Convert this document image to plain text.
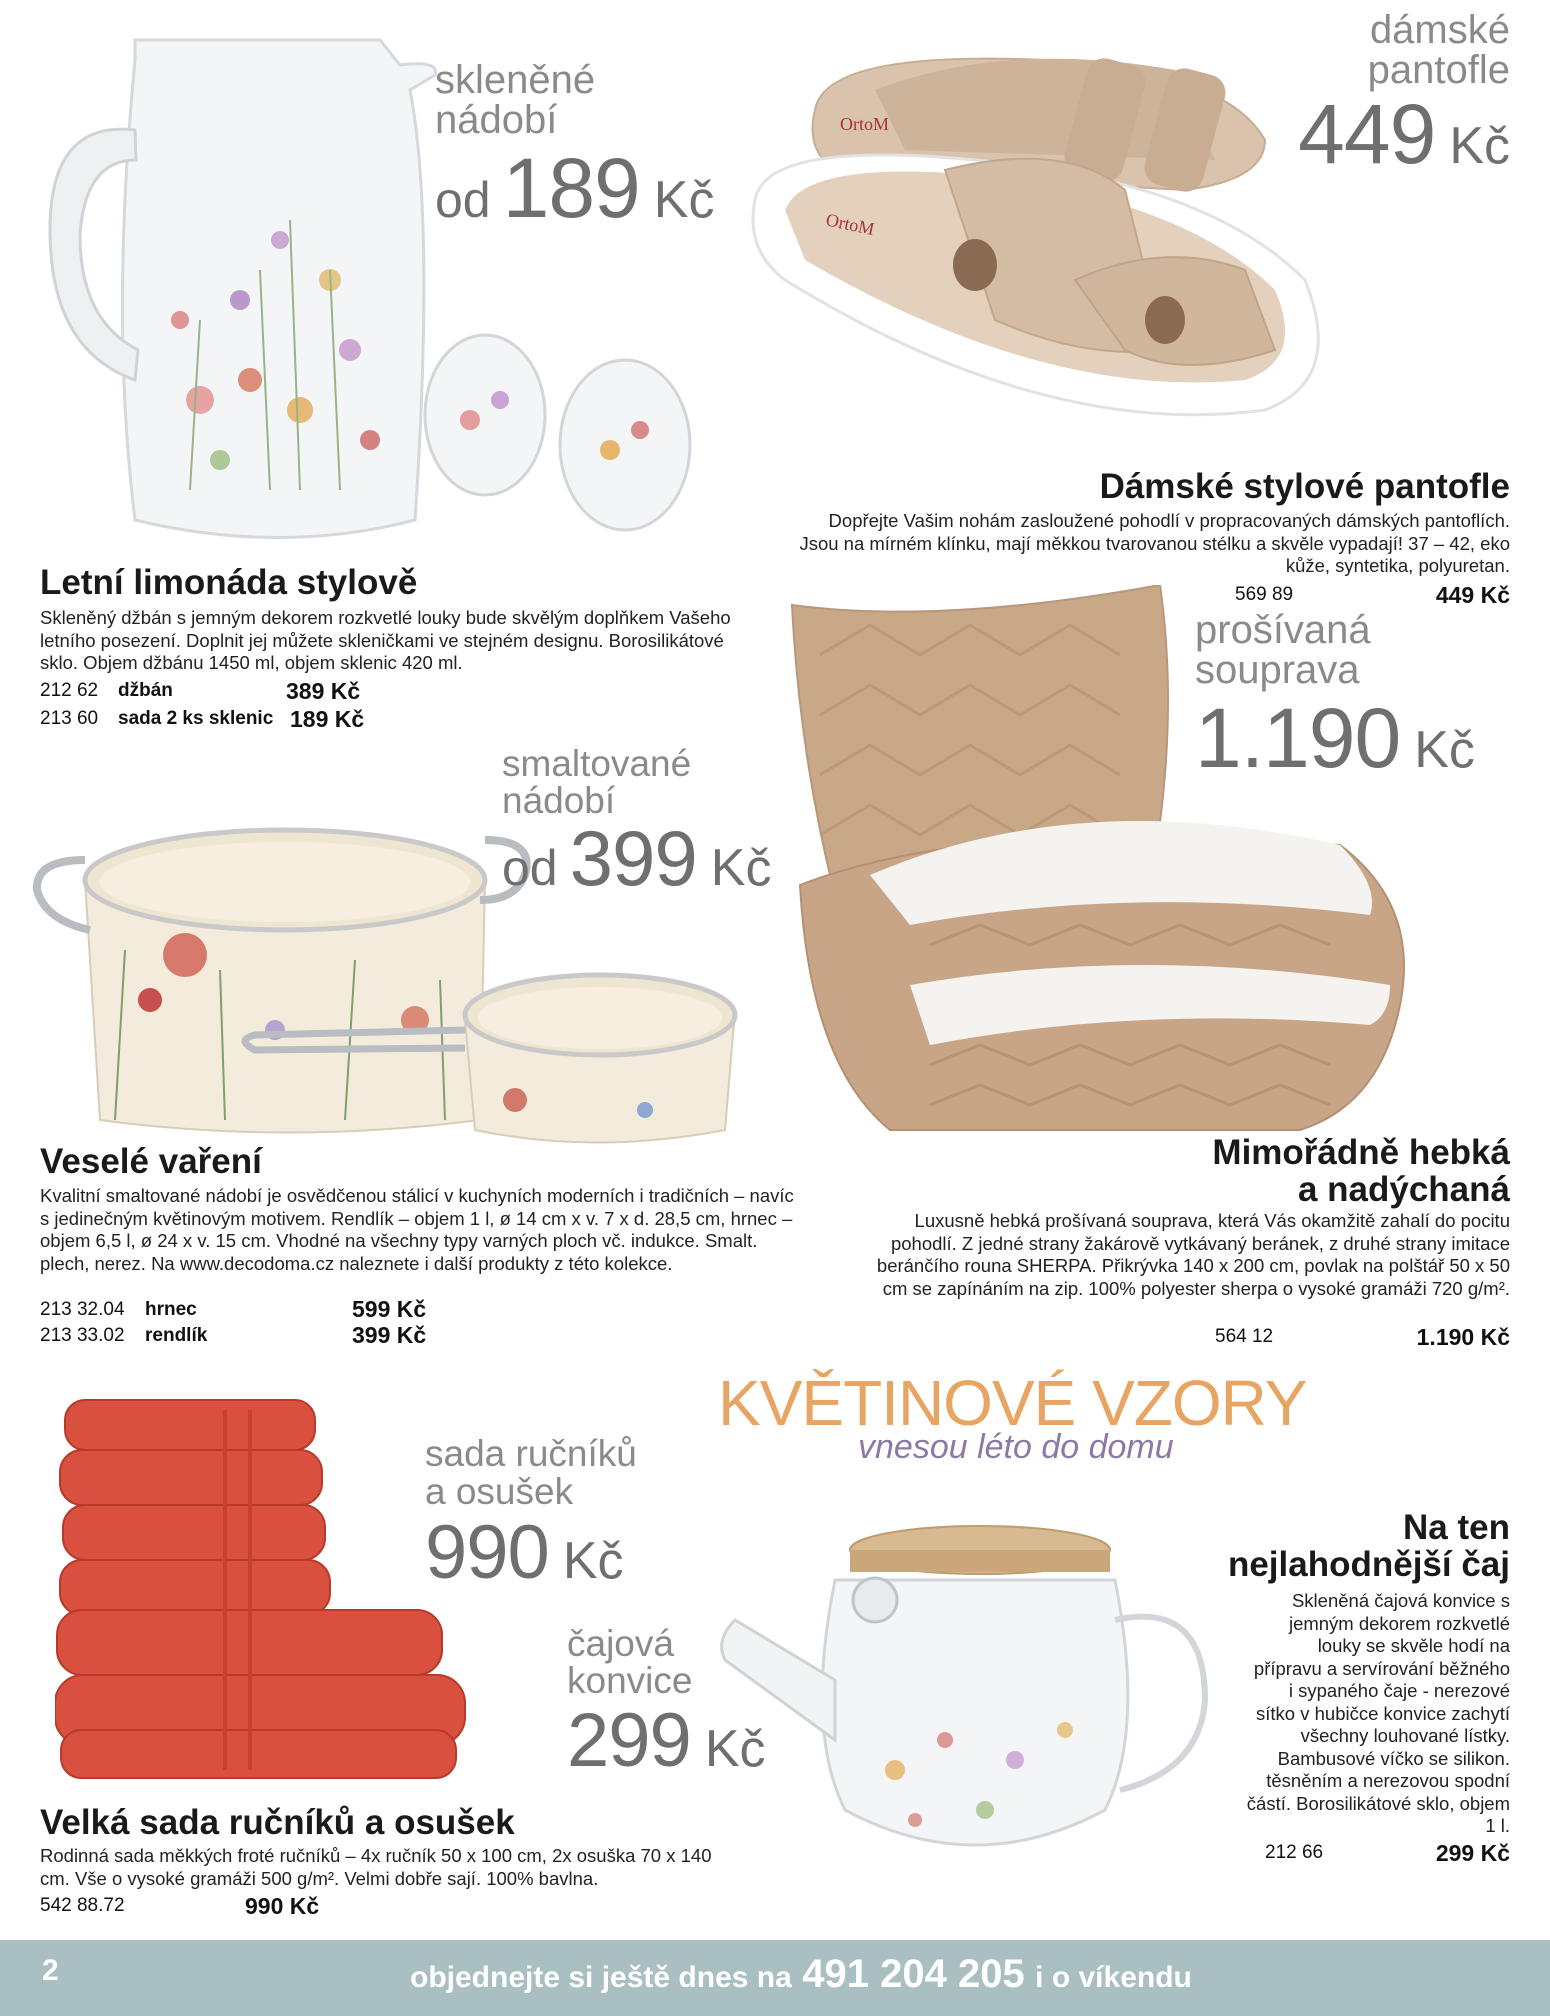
skleněné
nádobí
od 189 Kč
Letní limonáda stylově
Skleněný džbán s jemným dekorem rozkvetlé louky bude skvělým doplňkem Vašeho letního posezení. Doplnit jej můžete skleničkami ve stejném designu. Borosilikátové sklo. Objem džbánu 1450 ml, objem sklenic 420 ml.
212 62 džbán	389 Kč
213 60 sada 2 ks sklenic 189 Kč
OrtoM
OrtoM
dámské
pantofle
449 Kč
Dámské stylové pantofle
Dopřejte Vašim nohám zasloužené pohodlí v propracovaných dámských pantoflích. Jsou na mírném klínku, mají měkkou tvarovanou stélku a skvěle vypadají! 37 – 42, eko kůže, syntetika, polyuretan.
569 89	449 Kč
smaltované
nádobí
od 399 Kč
Veselé vaření
Kvalitní smaltované nádobí je osvědčenou stálicí v kuchyních moderních i tradičních – navíc s jedinečným květinovým motivem. Rendlík – objem 1 l, ø 14 cm x v. 7 x d. 28,5 cm, hrnec – objem 6,5 l, ø 24 x v. 15 cm. Vhodné na všechny typy varných ploch vč. indukce. Smalt. plech, nerez. Na www.decodoma.cz naleznete i další produkty z této kolekce.
213 32.04 hrnec	599 Kč
213 33.02 rendlík	399 Kč
prošívaná
souprava
1.190 Kč
Mimořádně hebká
a nadýchaná
Luxusně hebká prošívaná souprava, která Vás okamžitě zahalí do pocitu pohodlí. Z jedné strany žakárově vytkávaný beránek, z druhé strany imitace beránčího rouna SHERPA. Přikrývka 140 x 200 cm, povlak na polštář 50 x 50 cm se zapínáním na zip. 100% polyester sherpa o vysoké gramáži 720 g/m².
564 12	1.190 Kč
KVĚTINOVÉ VZORY
vnesou léto do domu
sada ručníků
a osušek
990 Kč
Velká sada ručníků a osušek
Rodinná sada měkkých froté ručníků – 4x ručník 50 x 100 cm, 2x osuška 70 x 140 cm. Vše o vysoké gramáži 500 g/m². Velmi dobře sají. 100% bavlna.
542 88.72	990 Kč
čajová
konvice
299 Kč
Na ten
nejlahodnější čaj
Skleněná čajová konvice s jemným dekorem rozkvetlé louky se skvěle hodí na přípravu a servírování běžného i sypaného čaje - nerezové sítko v hubičce konvice zachytí všechny louhované lístky. Bambusové víčko se silikon. těsněním a nerezovou spodní částí. Borosilikátové sklo, objem 1 l.
212 66	299 Kč
2	objednejte si ještě dnes na 491 204 205 i o víkendu
